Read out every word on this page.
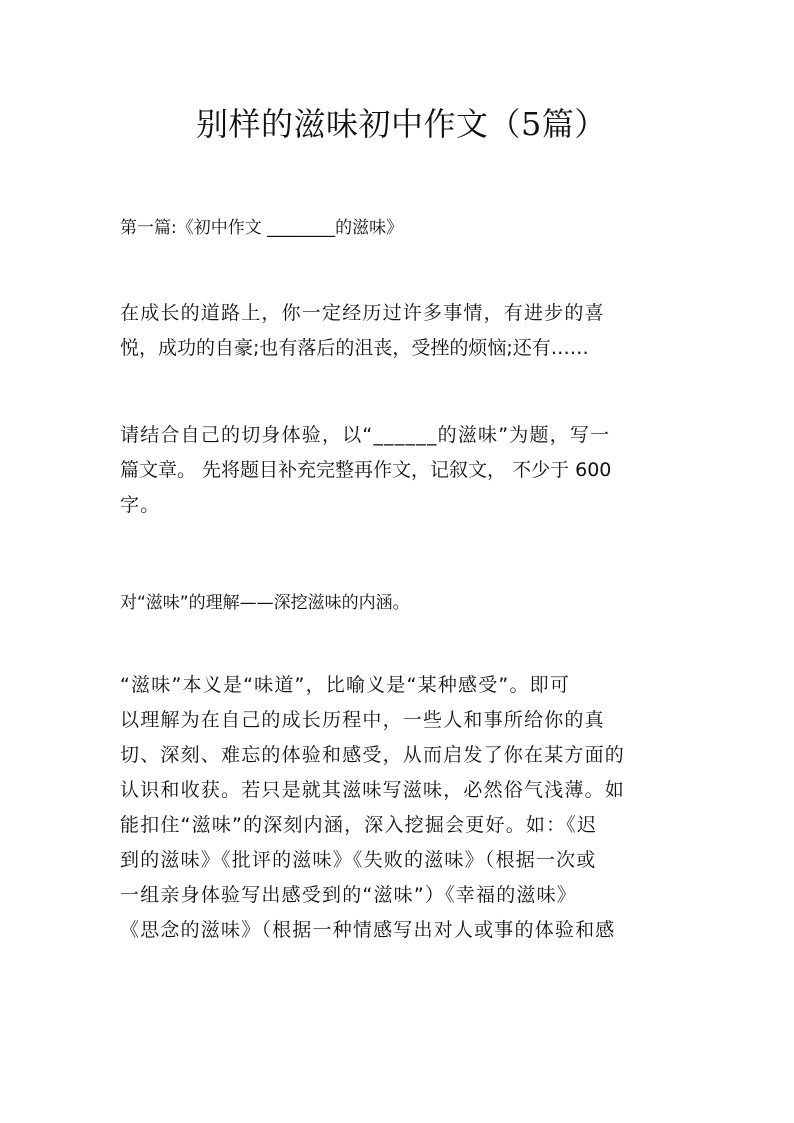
别样的滋味初中作文（5篇）
第一篇:《初中作文 ________的滋味》
在成长的道路上，你一定经历过许多事情，有进步的喜
悦，成功的自豪;也有落后的沮丧，受挫的烦恼;还有……
请结合自己的切身体验，以“______的滋味”为题，写一
篇文章。 先将题目补充完整再作文，记叙文， 不少于 600
字。
对“滋味”的理解——深挖滋味的内涵。
“滋味”本义是“味道”，比喻义是“某种感受”。即可
以理解为在自己的成长历程中，一些人和事所给你的真
切、深刻、难忘的体验和感受，从而启发了你在某方面的
认识和收获。若只是就其滋味写滋味，必然俗气浅薄。如
能扣住“滋味”的深刻内涵，深入挖掘会更好。如：《迟
到的滋味》《批评的滋味》《失败的滋味》（根据一次或
一组亲身体验写出感受到的“滋味”）《幸福的滋味》
《思念的滋味》（根据一种情感写出对人或事的体验和感
